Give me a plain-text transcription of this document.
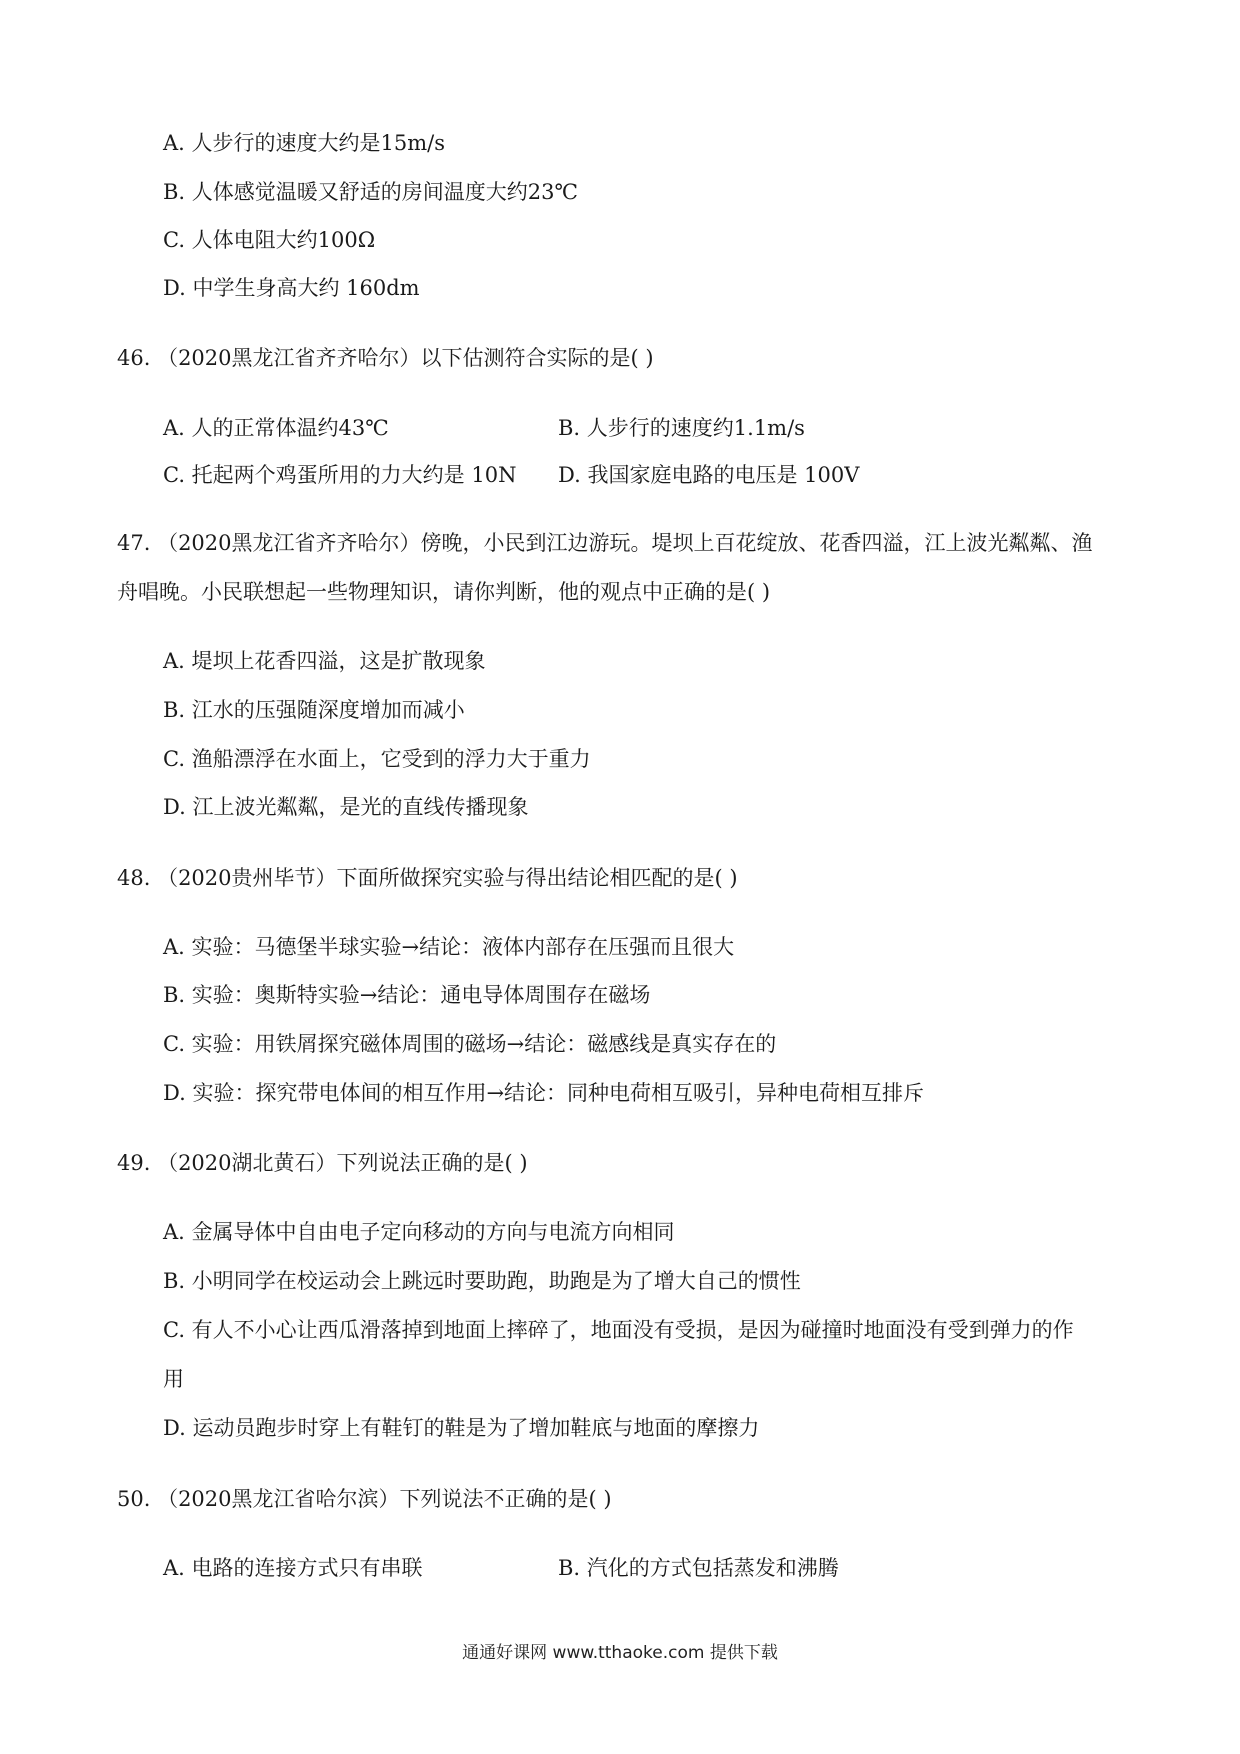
A. 人步行的速度大约是15m/s
B. 人体感觉温暖又舒适的房间温度大约23℃
C. 人体电阻大约100Ω
D. 中学生身高大约 160dm
46. （2020黑龙江省齐齐哈尔）以下估测符合实际的是( )
A. 人的正常体温约43℃	B. 人步行的速度约1.1m/s
C. 托起两个鸡蛋所用的力大约是 10N D. 我国家庭电路的电压是 100V
47. （2020黑龙江省齐齐哈尔）傍晚，小民到江边游玩。堤坝上百花绽放、花香四溢，江上波光粼粼、渔
舟唱晚。小民联想起一些物理知识，请你判断，他的观点中正确的是( )
A. 堤坝上花香四溢，这是扩散现象
B. 江水的压强随深度增加而减小
C. 渔船漂浮在水面上，它受到的浮力大于重力
D. 江上波光粼粼，是光的直线传播现象
48. （2020贵州毕节）下面所做探究实验与得出结论相匹配的是( )
A. 实验：马德堡半球实验→结论：液体内部存在压强而且很大
B. 实验：奥斯特实验→结论：通电导体周围存在磁场
C. 实验：用铁屑探究磁体周围的磁场→结论：磁感线是真实存在的
D. 实验：探究带电体间的相互作用→结论：同种电荷相互吸引，异种电荷相互排斥
49. （2020湖北黄石）下列说法正确的是( )
A. 金属导体中自由电子定向移动的方向与电流方向相同
B. 小明同学在校运动会上跳远时要助跑，助跑是为了增大自己的惯性
C. 有人不小心让西瓜滑落掉到地面上摔碎了，地面没有受损，是因为碰撞时地面没有受到弹力的作
用
D. 运动员跑步时穿上有鞋钉的鞋是为了增加鞋底与地面的摩擦力
50. （2020黑龙江省哈尔滨）下列说法不正确的是( )
A. 电路的连接方式只有串联	B. 汽化的方式包括蒸发和沸腾
通通好课网 www.tthaoke.com 提供下载
